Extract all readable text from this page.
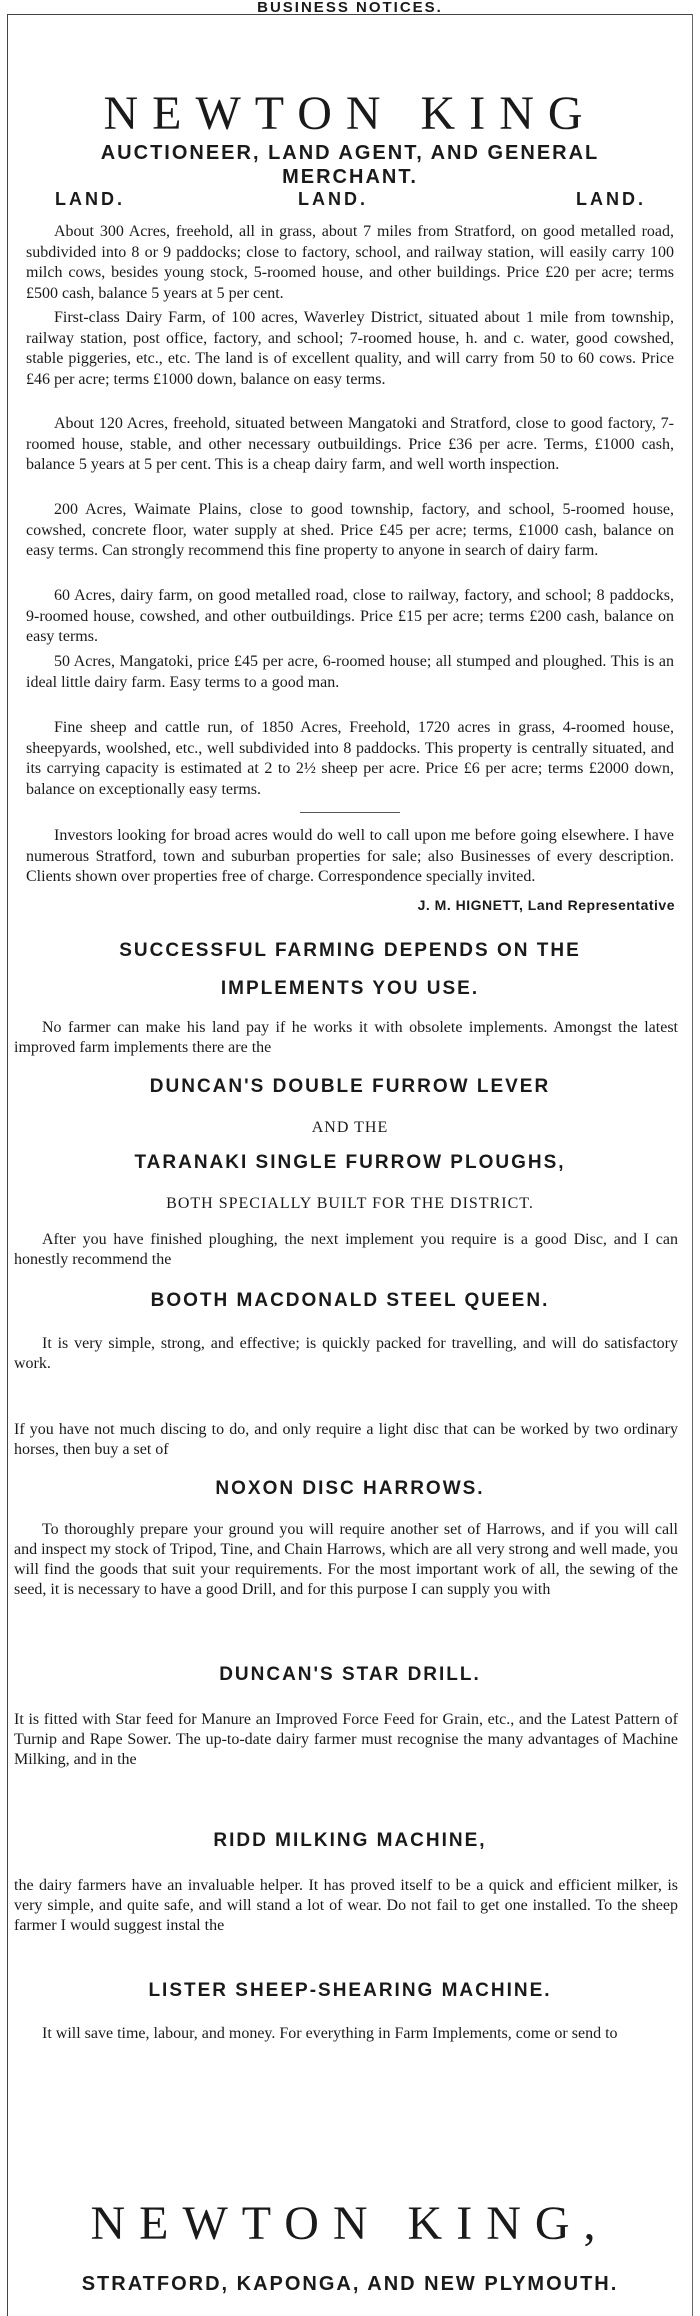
BUSINESS NOTICES.
NEWTON KING
AUCTIONEER, LAND AGENT, AND GENERAL MERCHANT.
LAND.	LAND.	LAND.
About 300 Acres, freehold, all in grass, about 7 miles from Stratford, on good metalled road, subdivided into 8 or 9 paddocks; close to factory, school, and railway station, will easily carry 100 milch cows, besides young stock, 5-roomed house, and other buildings. Price £20 per acre; terms £500 cash, balance 5 years at 5 per cent.
First-class Dairy Farm, of 100 acres, Waverley District, situated about 1 mile from township, railway station, post office, factory, and school; 7-roomed house, h. and c. water, good cowshed, stable piggeries, etc., etc. The land is of excellent quality, and will carry from 50 to 60 cows. Price £46 per acre; terms £1000 down, balance on easy terms.
About 120 Acres, freehold, situated between Mangatoki and Stratford, close to good factory, 7-roomed house, stable, and other necessary outbuildings. Price £36 per acre. Terms, £1000 cash, balance 5 years at 5 per cent. This is a cheap dairy farm, and well worth inspection.
200 Acres, Waimate Plains, close to good township, factory, and school, 5-roomed house, cowshed, concrete floor, water supply at shed. Price £45 per acre; terms, £1000 cash, balance on easy terms. Can strongly recommend this fine property to anyone in search of dairy farm.
60 Acres, dairy farm, on good metalled road, close to railway, factory, and school; 8 paddocks, 9-roomed house, cowshed, and other outbuildings. Price £15 per acre; terms £200 cash, balance on easy terms.
50 Acres, Mangatoki, price £45 per acre, 6-roomed house; all stumped and ploughed. This is an ideal little dairy farm. Easy terms to a good man.
Fine sheep and cattle run, of 1850 Acres, Freehold, 1720 acres in grass, 4-roomed house, sheepyards, woolshed, etc., well subdivided into 8 paddocks. This property is centrally situated, and its carrying capacity is estimated at 2 to 2½ sheep per acre. Price £6 per acre; terms £2000 down, balance on exceptionally easy terms.
Investors looking for broad acres would do well to call upon me before going elsewhere. I have numerous Stratford, town and suburban properties for sale; also Businesses of every description. Clients shown over properties free of charge. Correspondence specially invited.
J. M. HIGNETT, Land Representative
SUCCESSFUL FARMING DEPENDS ON THE
IMPLEMENTS YOU USE.
No farmer can make his land pay if he works it with obsolete implements. Amongst the latest improved farm implements there are the
DUNCAN'S DOUBLE FURROW LEVER
AND THE
TARANAKI SINGLE FURROW PLOUGHS,
BOTH SPECIALLY BUILT FOR THE DISTRICT.
After you have finished ploughing, the next implement you require is a good Disc, and I can honestly recommend the
BOOTH MACDONALD STEEL QUEEN.
It is very simple, strong, and effective; is quickly packed for travelling, and will do satisfactory work.
If you have not much discing to do, and only require a light disc that can be worked by two ordinary horses, then buy a set of
NOXON DISC HARROWS.
To thoroughly prepare your ground you will require another set of Harrows, and if you will call and inspect my stock of Tripod, Tine, and Chain Harrows, which are all very strong and well made, you will find the goods that suit your requirements. For the most important work of all, the sewing of the seed, it is necessary to have a good Drill, and for this purpose I can supply you with
DUNCAN'S STAR DRILL.
It is fitted with Star feed for Manure an Improved Force Feed for Grain, etc., and the Latest Pattern of Turnip and Rape Sower. The up-to-date dairy farmer must recognise the many advantages of Machine Milking, and in the
RIDD MILKING MACHINE,
the dairy farmers have an invaluable helper. It has proved itself to be a quick and efficient milker, is very simple, and quite safe, and will stand a lot of wear. Do not fail to get one installed. To the sheep farmer I would suggest instal the
LISTER SHEEP-SHEARING MACHINE.
It will save time, labour, and money. For everything in Farm Implements, come or send to
NEWTON KING,
STRATFORD, KAPONGA, AND NEW PLYMOUTH.
